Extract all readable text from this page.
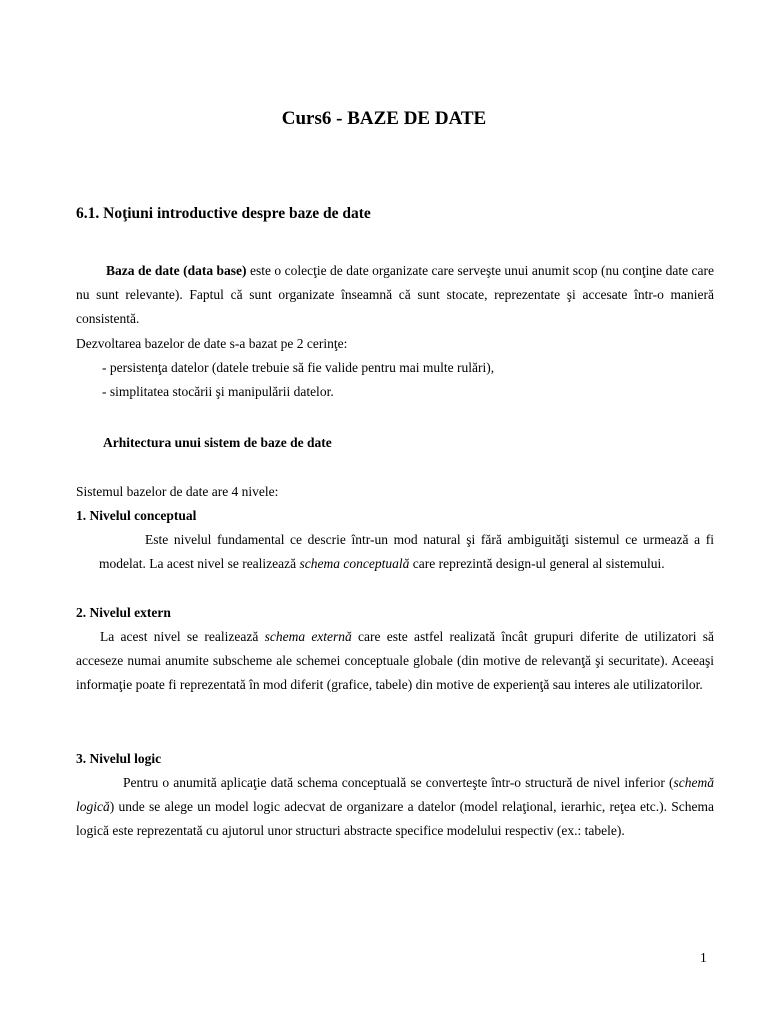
Curs6 - BAZE DE DATE
6.1. Noţiuni introductive despre baze de date
Baza de date (data base) este o colecţie de date organizate care serveşte unui anumit scop (nu conţine date care nu sunt relevante). Faptul că sunt organizate înseamnă că sunt stocate, reprezentate şi accesate într-o manieră consistentă.
Dezvoltarea bazelor de date s-a bazat pe 2 cerinţe:
- persistenţa datelor (datele trebuie să fie valide pentru mai multe rulări),
- simplitatea stocării şi manipulării datelor.
Arhitectura unui sistem de baze de date
Sistemul bazelor de date are 4 nivele:
1. Nivelul conceptual
Este nivelul fundamental ce descrie într-un mod natural şi fără ambiguităţi sistemul ce urmează a fi modelat. La acest nivel se realizează schema conceptuală care reprezintă design-ul general al sistemului.
2. Nivelul extern
La acest nivel se realizează schema externă care este astfel realizată încât grupuri diferite de utilizatori să acceseze numai anumite subscheme ale schemei conceptuale globale (din motive de relevanţă şi securitate). Aceeaşi informaţie poate fi reprezentată în mod diferit (grafice, tabele) din motive de experienţă sau interes ale utilizatorilor.
3. Nivelul logic
Pentru o anumită aplicaţie dată schema conceptuală se converteşte într-o structură de nivel inferior (schemă logică) unde se alege un model logic adecvat de organizare a datelor (model relaţional, ierarhic, reţea etc.). Schema logică este reprezentată cu ajutorul unor structuri abstracte specifice modelului respectiv (ex.: tabele).
1
